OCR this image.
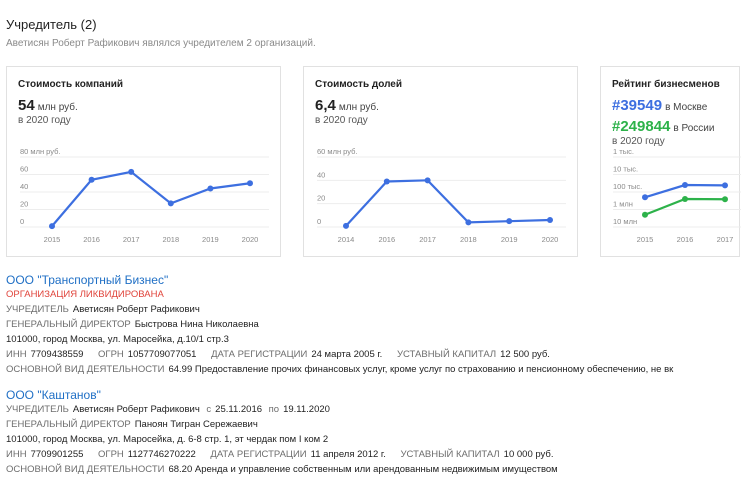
Учредитель (2)
Аветисян Роберт Рафикович являлся учредителем 2 организаций.
Стоимость компаний
54 млн руб.
в 2020 году
80 млн руб.
0
20
40
60
2015	2016	2017	2018	2019	2020
Стоимость долей
6,4 млн руб.
в 2020 году
60 млн руб.
0
20
40
2014	2016	2017	2018	2019	2020
Рейтинг бизнесменов
#39549 в Москве
#249844 в России
в 2020 году
1 тыс.
10 тыс.
100 тыс.
1 млн
10 млн
2015	2016	2017
ООО "Транспортный Бизнес"
ОРГАНИЗАЦИЯ ЛИКВИДИРОВАНА
УЧРЕДИТЕЛЬ Аветисян Роберт Рафикович
ГЕНЕРАЛЬНЫЙ ДИРЕКТОР Быстрова Нина Николаевна
101000, город Москва, ул. Маросейка, д.10/1 стр.3
ИНН 7709438559 ОГРН 1057709077051 ДАТА РЕГИСТРАЦИИ 24 марта 2005 г. УСТАВНЫЙ КАПИТАЛ 12 500 руб.
ОСНОВНОЙ ВИД ДЕЯТЕЛЬНОСТИ 64.99 Предоставление прочих финансовых услуг, кроме услуг по страхованию и пенсионному обеспечению, не вк
ООО "Каштанов"
УЧРЕДИТЕЛЬ Аветисян Роберт Рафикович с 25.11.2016 по 19.11.2020
ГЕНЕРАЛЬНЫЙ ДИРЕКТОР Паноян Тигран Сережаевич
101000, город Москва, ул. Маросейка, д. 6-8 стр. 1, эт чердак пом I ком 2
ИНН 7709901255 ОГРН 1127746270222 ДАТА РЕГИСТРАЦИИ 11 апреля 2012 г. УСТАВНЫЙ КАПИТАЛ 10 000 руб.
ОСНОВНОЙ ВИД ДЕЯТЕЛЬНОСТИ 68.20 Аренда и управление собственным или арендованным недвижимым имуществом
